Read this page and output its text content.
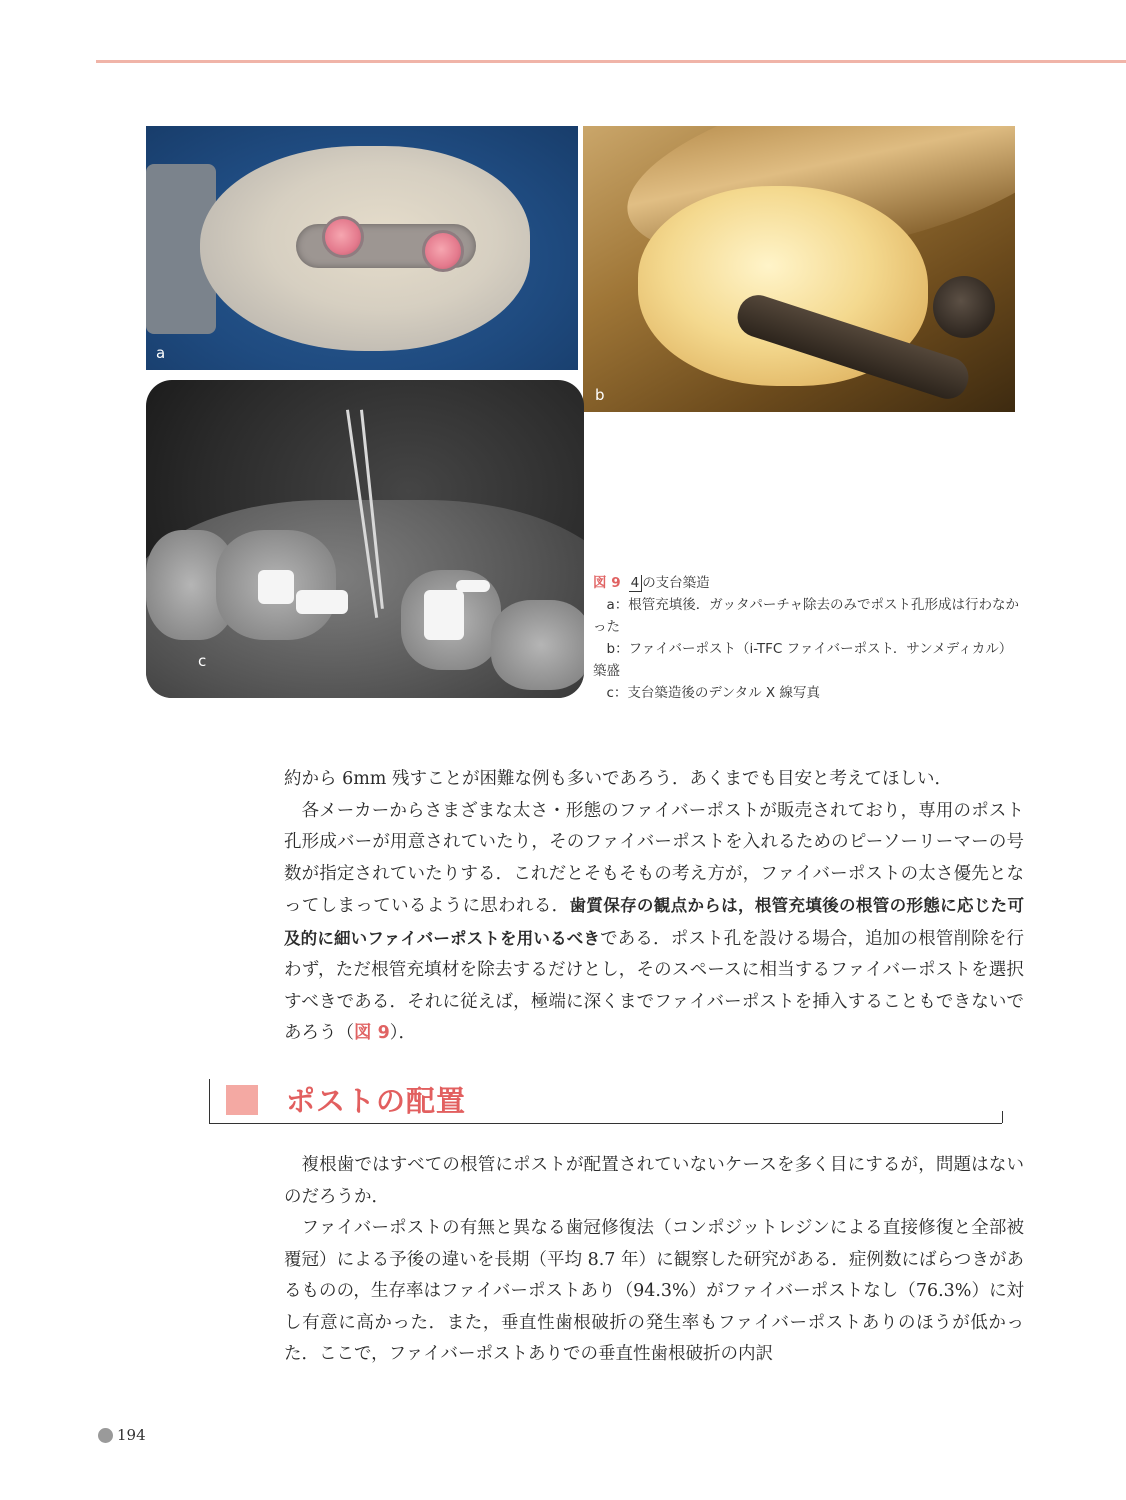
a
b
c
図 9 4 の支台築造
　a：根管充填後．ガッタパーチャ除去のみでポスト孔形成は行わなかった
　b：ファイバーポスト（i-TFC ファイバーポスト．サンメディカル）築盛
　c：支台築造後のデンタル X 線写真

約から 6mm 残すことが困難な例も多いであろう．あくまでも目安と考えてほしい．

各メーカーからさまざまな太さ・形態のファイバーポストが販売されており，専用のポスト孔形成バーが用意されていたり，そのファイバーポストを入れるためのピーソーリーマーの号数が指定されていたりする．これだとそもそもの考え方が，ファイバーポストの太さ優先となってしまっているように思われる．歯質保存の観点からは，根管充填後の根管の形態に応じた可及的に細いファイバーポストを用いるべきである．ポスト孔を設ける場合，追加の根管削除を行わず，ただ根管充填材を除去するだけとし，そのスペースに相当するファイバーポストを選択すべきである．それに従えば，極端に深くまでファイバーポストを挿入することもできないであろう（図 9）．

ポストの配置

複根歯ではすべての根管にポストが配置されていないケースを多く目にするが，問題はないのだろうか．

ファイバーポストの有無と異なる歯冠修復法（コンポジットレジンによる直接修復と全部被覆冠）による予後の違いを長期（平均 8.7 年）に観察した研究がある．症例数にばらつきがあるものの，生存率はファイバーポストあり（94.3%）がファイバーポストなし（76.3%）に対し有意に高かった．また，垂直性歯根破折の発生率もファイバーポストありのほうが低かった．ここで，ファイバーポストありでの垂直性歯根破折の内訳

194
